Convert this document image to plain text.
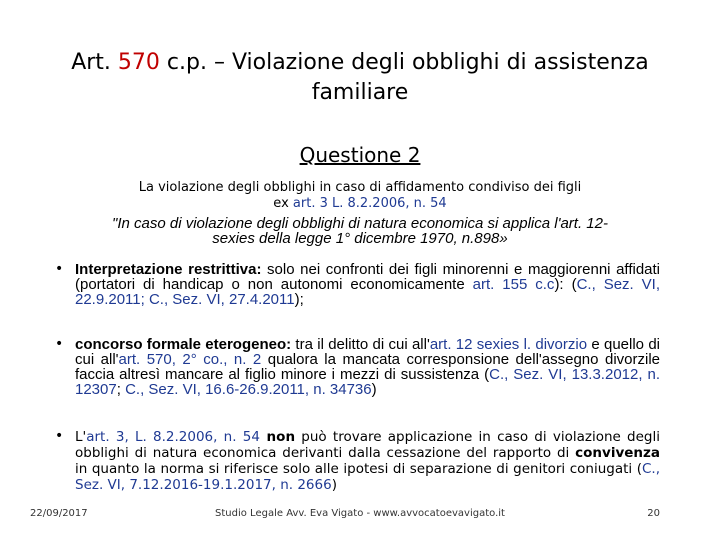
Art. 570 c.p. – Violazione degli obblighi di assistenza
familiare
Questione 2
La violazione degli obblighi in caso di affidamento condiviso dei figli
ex art. 3 L. 8.2.2006, n. 54
"In caso di violazione degli obblighi di natura economica si applica l'art. 12-
sexies della legge 1° dicembre 1970, n.898»
• Interpretazione restrittiva: solo nei confronti dei figli minorenni e maggiorenni affidati (portatori di handicap o non autonomi economicamente art. 155 c.c): (C., Sez. VI, 22.9.2011; C., Sez. VI, 27.4.2011);
• concorso formale eterogeneo: tra il delitto di cui all'art. 12 sexies l. divorzio e quello di cui all'art. 570, 2° co., n. 2 qualora la mancata corresponsione dell'assegno divorzile faccia altresì mancare al figlio minore i mezzi di sussistenza (C., Sez. VI, 13.3.2012, n. 12307; C., Sez. VI, 16.6-26.9.2011, n. 34736)
• L'art. 3, L. 8.2.2006, n. 54 non può trovare applicazione in caso di violazione degli obblighi di natura economica derivanti dalla cessazione del rapporto di convivenza in quanto la norma si riferisce solo alle ipotesi di separazione di genitori coniugati (C., Sez. VI, 7.12.2016-19.1.2017, n. 2666)
22/09/2017	Studio Legale Avv. Eva Vigato - www.avvocatoevavigato.it	20
